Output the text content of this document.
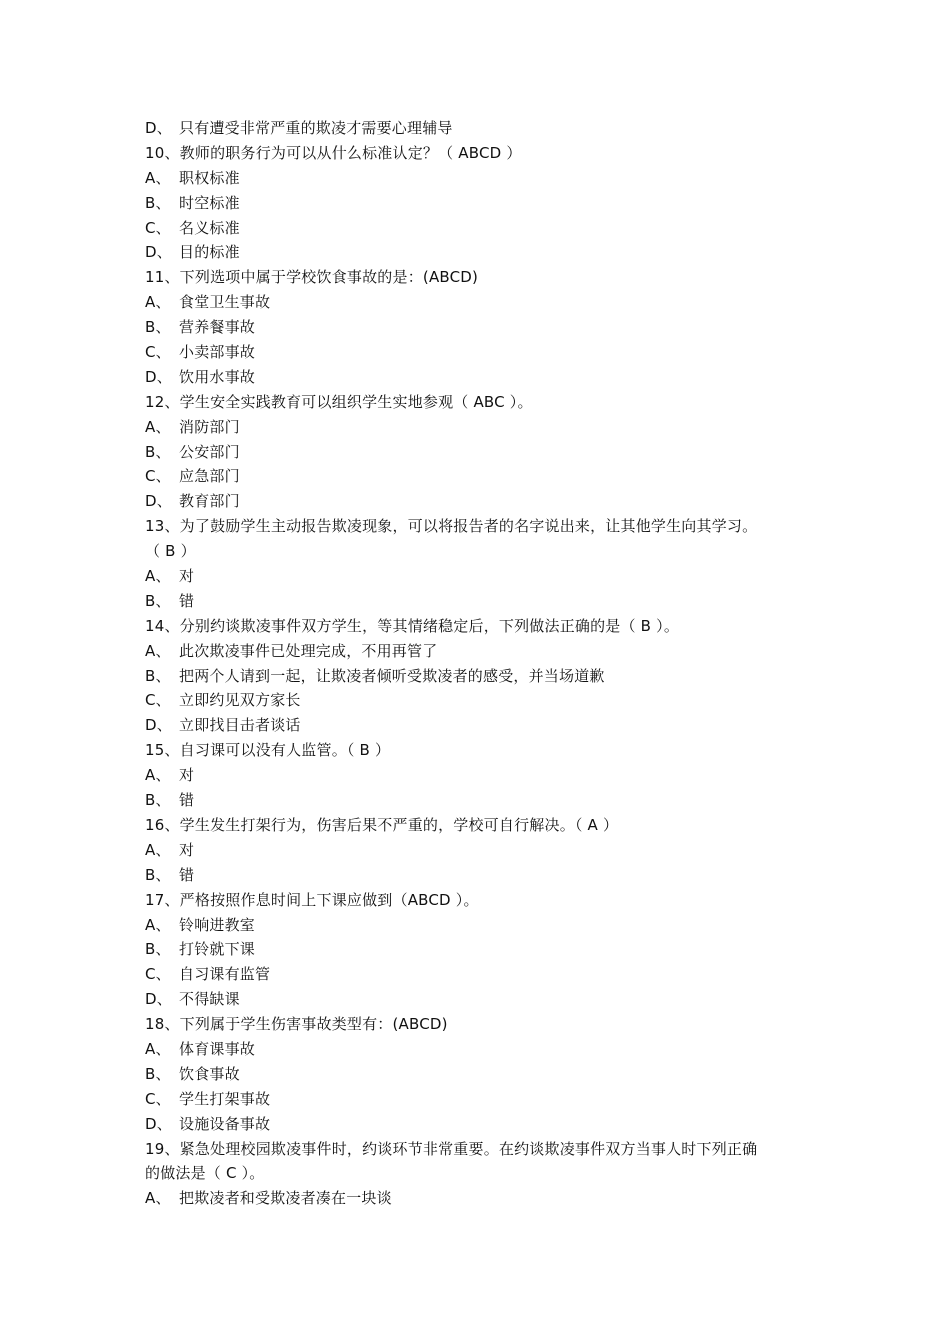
D、 只有遭受非常严重的欺凌才需要心理辅导
10、教师的职务行为可以从什么标准认定？（ ABCD ）
A、 职权标准
B、 时空标准
C、 名义标准
D、 目的标准
11、下列选项中属于学校饮食事故的是：(ABCD)
A、 食堂卫生事故
B、 营养餐事故
C、 小卖部事故
D、 饮用水事故
12、学生安全实践教育可以组织学生实地参观（ ABC ）。
A、 消防部门
B、 公安部门
C、 应急部门
D、 教育部门
13、为了鼓励学生主动报告欺凌现象，可以将报告者的名字说出来，让其他学生向其学习。
（ B ）
A、 对
B、 错
14、分别约谈欺凌事件双方学生，等其情绪稳定后，下列做法正确的是（ B ）。
A、 此次欺凌事件已处理完成，不用再管了
B、 把两个人请到一起，让欺凌者倾听受欺凌者的感受，并当场道歉
C、 立即约见双方家长
D、 立即找目击者谈话
15、自习课可以没有人监管。（ B ）
A、 对
B、 错
16、学生发生打架行为，伤害后果不严重的，学校可自行解决。（ A ）
A、 对
B、 错
17、严格按照作息时间上下课应做到（ABCD ）。
A、 铃响进教室
B、 打铃就下课
C、 自习课有监管
D、 不得缺课
18、下列属于学生伤害事故类型有：(ABCD)
A、 体育课事故
B、 饮食事故
C、 学生打架事故
D、 设施设备事故
19、紧急处理校园欺凌事件时，约谈环节非常重要。在约谈欺凌事件双方当事人时下列正确
的做法是（ C ）。
A、 把欺凌者和受欺凌者凑在一块谈
